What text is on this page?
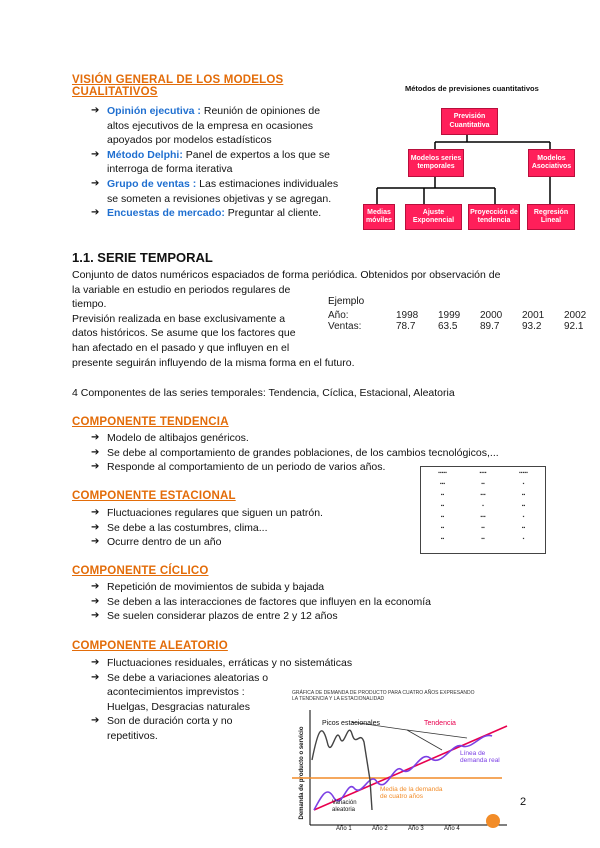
VISIÓN GENERAL DE LOS MODELOS
CUALITATIVOS
➔ Opinión ejecutiva : Reunión de opiniones de altos ejecutivos de la empresa en ocasiones apoyados por modelos estadísticos
➔ Método Delphi: Panel de expertos a los que se interroga de forma iterativa
➔ Grupo de ventas : Las estimaciones individuales se someten a revisiones objetivas y se agregan.
➔ Encuestas de mercado: Preguntar al cliente.
Métodos de previsiones cuantitativos
Previsión Cuantitativa
Modelos series temporales
Modelos Asociativos
Medias móviles
Ajuste Exponencial
Proyección de tendencia
Regresión Lineal
1.1. SERIE TEMPORAL
Conjunto de datos numéricos espaciados de forma periódica. Obtenidos por observación de
la variable en estudio en periodos regulares de
tiempo.
Previsión realizada en base exclusivamente a
datos históricos. Se asume que los factores que
han afectado en el pasado y que influyen en el
presente seguirán influyendo de la misma forma en el futuro.
Ejemplo
Año:	1998	1999	2000	2001	2002
Ventas:	78.7	63.5	89.7	93.2	92.1
4 Componentes de las series temporales: Tendencia, Cíclica, Estacional, Aleatoria
COMPONENTE TENDENCIA
➔ Modelo de altibajos genéricos.
➔ Se debe al comportamiento de grandes poblaciones, de los cambios tecnológicos,...
➔ Responde al comportamiento de un periodo de varios años.	▪▪▪▪▪	▪▪▪▪	▪▪▪▪▪
▪▪▪	▪▪	▪
▪▪	▪▪▪	▪▪
▪▪	▪	▪▪
▪▪	▪▪▪	▪
▪▪	▪▪	▪▪
▪▪	▪▪	▪
COMPONENTE ESTACIONAL
➔ Fluctuaciones regulares que siguen un patrón.
➔ Se debe a las costumbres, clima...
➔ Ocurre dentro de un año
COMPONENTE CÍCLICO
➔ Repetición de movimientos de subida y bajada
➔ Se deben a las interacciones de factores que influyen en la economía
➔ Se suelen considerar plazos de entre 2 y 12 años
COMPONENTE ALEATORIO
➔ Fluctuaciones residuales, erráticas y no sistemáticas
➔ Se debe a variaciones aleatorias o
acontecimientos imprevistos :
Huelgas, Desgracias naturales
➔ Son de duración corta y no
repetitivos.
GRÁFICA DE DEMANDA DE PRODUCTO PARA CUATRO AÑOS EXPRESANDO
LA TENDENCIA Y LA ESTACIONALIDAD
Demanda de producto o servicio
Picos estacionales	Tendencia
Línea de demanda real
Media de la demanda de cuatro años
Variación aleatoria
Año 1	Año 2	Año 3	Año 4
2
